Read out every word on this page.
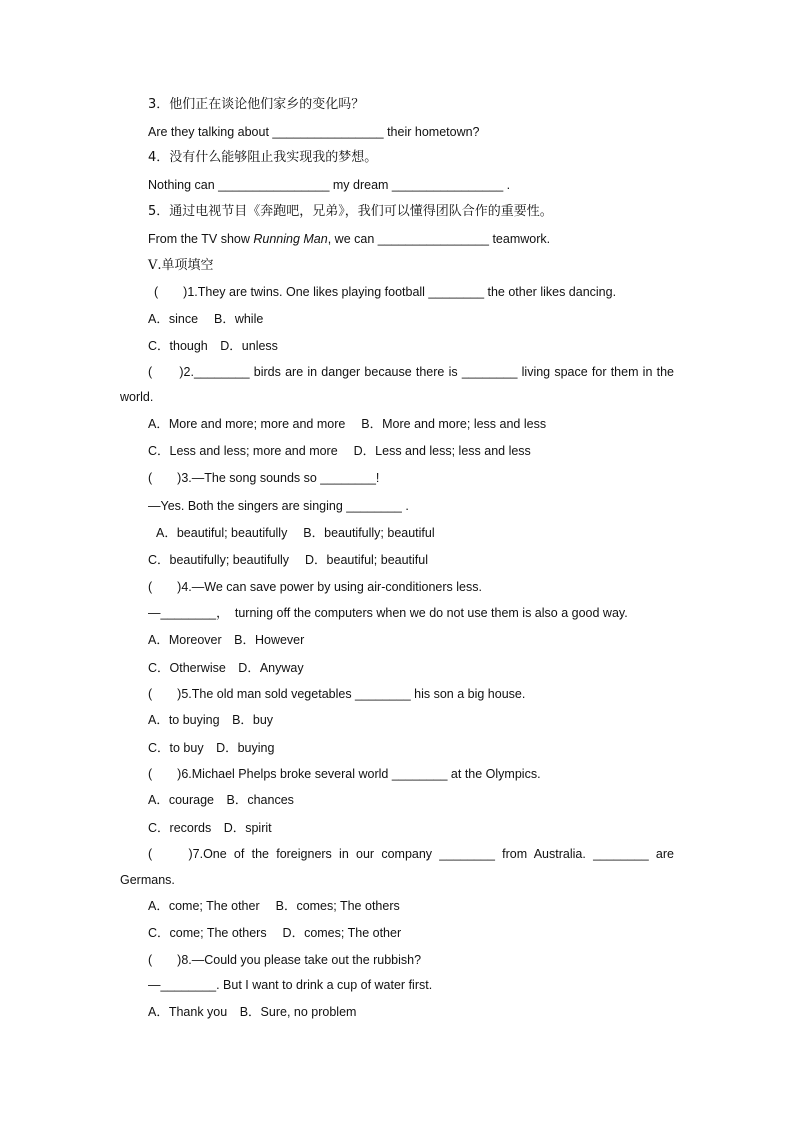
3．他们正在谈论他们家乡的变化吗？
Are they talking about ________________ their hometown?
4．没有什么能够阻止我实现我的梦想。
Nothing can ________________ my dream ________________ .
5．通过电视节目《奔跑吧，兄弟》，我们可以懂得团队合作的重要性。
From the TV show Running Man, we can ________________ teamwork.
Ⅴ.单项填空
(　　)1.They are twins. One likes playing football ________ the other likes dancing.
A．since　 B．while
C．though　D．unless
(　　)2.________ birds are in danger because there is ________ living space for them in the
world.
A．More and more; more and more　 B．More and more; less and less
C．Less and less; more and more　 D．Less and less; less and less
(　　)3.—The song sounds so ________!
—Yes. Both the singers are singing ________ .
A．beautiful; beautifully　 B．beautifully; beautiful
C．beautifully; beautifully　 D．beautiful; beautiful
(　　)4.—We can save power by using air-conditioners less.
—________，　turning off the computers when we do not use them is also a good way.
A．Moreover　B．However
C．Otherwise　D．Anyway
(　　)5.The old man sold vegetables ________ his son a big house.
A．to buying　B．buy
C．to buy　D．buying
(　　)6.Michael Phelps broke several world ________ at the Olympics.
A．courage　B．chances
C．records　D．spirit
(　　)7.One of the foreigners in our company ________ from Australia. ________ are
Germans.
A．come; The other　 B．comes; The others
C．come; The others　 D．comes; The other
(　　)8.—Could you please take out the rubbish?
—________. But I want to drink a cup of water first.
A．Thank you　B．Sure, no problem
